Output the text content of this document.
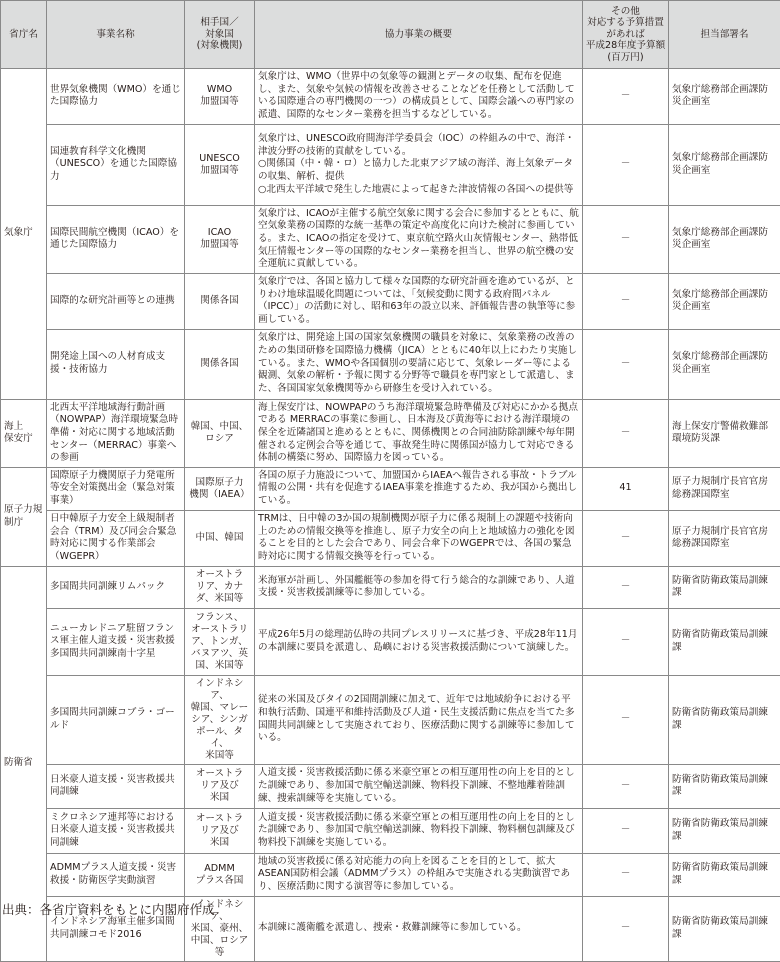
省庁名	事業名称	相手国／
対象国
(対象機関)	協力事業の概要	その他
対応する予算措置
があれば
平成28年度予算額
(百万円)	担当部署名
気象庁	世界気象機関（WMO）を通じた国際協力	WMO
加盟国等	気象庁は、WMO（世界中の気象等の観測とデータの収集、配布を促進し、また、気象や気候の情報を改善させることなどを任務として活動している国際連合の専門機関の一つ）の構成員として、国際会議への専門家の派遣、国際的なセンター業務を担当するなどしている。	－	気象庁総務部企画課防災企画室
	国連教育科学文化機関（UNESCO）を通じた国際協力	UNESCO
加盟国等	気象庁は、UNESCO政府間海洋学委員会（IOC）の枠組みの中で、海洋・津波分野の技術的貢献をしている。
○関係国（中・韓・ロ）と協力した北東アジア域の海洋、海上気象データの収集、解析、提供
○北西太平洋域で発生した地震によって起きた津波情報の各国への提供等	－	気象庁総務部企画課防災企画室
	国際民間航空機関（ICAO）を通じた国際協力	ICAO
加盟国等	気象庁は、ICAOが主催する航空気象に関する会合に参加するとともに、航空気象業務の国際的な統一基準の策定や高度化に向けた検討に参画している。また、ICAOの指定を受けて、東京航空路火山灰情報センター、熱帯低気圧情報センター等の国際的なセンター業務を担当し、世界の航空機の安全運航に貢献している。	－	気象庁総務部企画課防災企画室
	国際的な研究計画等との連携	関係各国	気象庁では、各国と協力して様々な国際的な研究計画を進めているが、とりわけ地球温暖化問題については、「気候変動に関する政府間パネル（IPCC）」の活動に対し、昭和63年の設立以来、評価報告書の執筆等に参画している。	－	気象庁総務部企画課防災企画室
	開発途上国への人材育成支援・技術協力	関係各国	気象庁は、開発途上国の国家気象機関の職員を対象に、気象業務の改善のための集団研修を国際協力機構（JICA）とともに40年以上にわたり実施している。また、WMOや各国個別の要請に応じて、気象レーダー等による観測、気象の解析・予報に関する分野等で職員を専門家として派遣し、また、各国国家気象機関等から研修生を受け入れている。	－	気象庁総務部企画課防災企画室
海上
保安庁	北西太平洋地域海行動計画（NOWPAP）海洋環境緊急時準備・対応に関する地域活動センター（MERRAC）事業への参画	韓国、中国、
ロシア	海上保安庁は、NOWPAPのうち海洋環境緊急時準備及び対応にかかる拠点である MERRACの事業に参画し、日本海及び黄海等における海洋環境の保全を近隣諸国と進めるとともに、関係機関との合同油防除訓練や毎年開催される定例会合等を通じて、事故発生時に関係国が協力して対応できる体制の構築に努め、国際協力を図っている。	－	海上保安庁警備救難部環境防災課
原子力規
制庁	国際原子力機関原子力発電所等安全対策拠出金（緊急対策事業）	国際原子力
機関（IAEA）	各国の原子力施設について、加盟国からIAEAへ報告される事故・トラブル情報の公開・共有を促進するIAEA事業を推進するため、我が国から拠出している。	41	原子力規制庁長官官房総務課国際室
	日中韓原子力安全上級規制者会合（TRM）及び同会合緊急時対応に関する作業部会（WGEPR）	中国、韓国	TRMは、日中韓の3か国の規制機関が原子力に係る規制上の課題や技術向上のための情報交換等を推進し、原子力安全の向上と地域協力の強化を図ることを目的とした会合であり、同会合傘下のWGEPRでは、各国の緊急時対応に関する情報交換等を行っている。	－	原子力規制庁長官官房総務課国際室
防衛省	多国間共同訓練リムパック	オーストラ
リア、カナ
ダ、米国等	米海軍が計画し、外国艦艇等の参加を得て行う総合的な訓練であり、人道支援・災害救援訓練等に参加している。	－	防衛省防衛政策局訓練課
	ニューカレドニア駐留フランス軍主催人道支援・災害救援多国間共同訓練南十字星	フランス、
オーストラリ
ア、トンガ、
バヌアツ、英
国、米国等	平成26年5月の総理訪仏時の共同プレスリリースに基づき、平成28年11月の本訓練に要員を派遣し、島嶼における災害救援活動について演練した。	－	防衛省防衛政策局訓練課
	多国間共同訓練コブラ・ゴールド	インドネシア、
韓国、マレー
シア、シンガ
ポール、タイ、
米国等	従来の米国及びタイの2国間訓練に加えて、近年では地域紛争における平和執行活動、国連平和維持活動及び人道・民生支援活動に焦点を当てた多国間共同訓練として実施されており、医療活動に関する訓練等に参加している。	－	防衛省防衛政策局訓練課
	日米豪人道支援・災害救援共同訓練	オーストラ
リア及び
米国	人道支援・災害救援活動に係る米豪空軍との相互運用性の向上を目的とした訓練であり、参加国で航空輸送訓練、物料投下訓練、不整地離着陸訓練、捜索訓練等を実施している。	－	防衛省防衛政策局訓練課
	ミクロネシア連邦等における日米豪人道支援・災害救援共同訓練	オーストラ
リア及び
米国	人道支援・災害救援活動に係る米豪空軍との相互運用性の向上を目的とした訓練であり、参加国で航空輸送訓練、物料投下訓練、物料梱包訓練及び物料投下訓練を実施している。	－	防衛省防衛政策局訓練課
	ADMMプラス人道支援・災害救援・防衛医学実動演習	ADMM
プラス各国	地域の災害救援に係る対応能力の向上を図ることを目的として、拡大ASEAN国防相会議（ADMMプラス）の枠組みで実施される実動演習であり、医療活動に関する演習等に参加している。	－	防衛省防衛政策局訓練課
	インドネシア海軍主催多国間共同訓練コモド2016	インドネシア、
米国、豪州、
中国、ロシア
等	本訓練に護衛艦を派遣し、捜索・救難訓練等に参加している。	－	防衛省防衛政策局訓練課
出典：各省庁資料をもとに内閣府作成
